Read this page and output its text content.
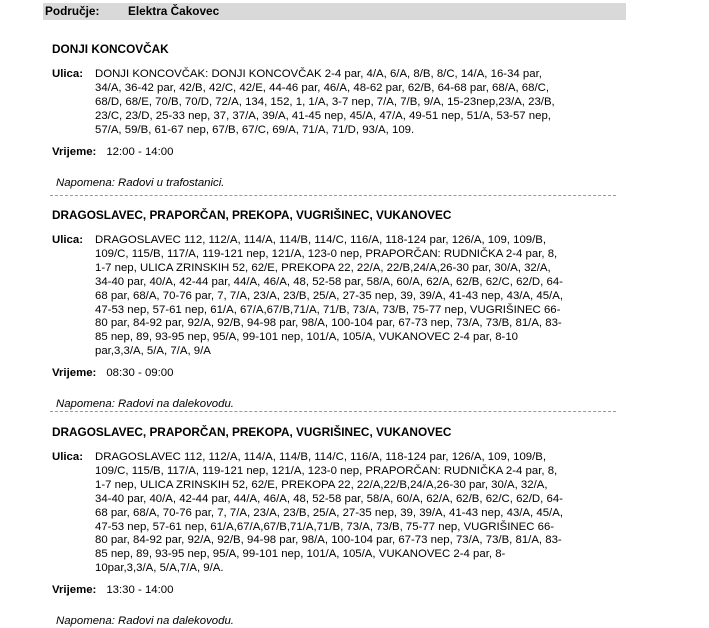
Područje: Elektra Čakovec
DONJI KONCOVČAK
Ulica: DONJI KONCOVČAK: DONJI KONCOVČAK 2-4 par, 4/A, 6/A, 8/B, 8/C, 14/A, 16-34 par,
34/A, 36-42 par, 42/B, 42/C, 42/E, 44-46 par, 46/A, 48-62 par, 62/B, 64-68 par, 68/A, 68/C,
68/D, 68/E, 70/B, 70/D, 72/A, 134, 152, 1, 1/A, 3-7 nep, 7/A, 7/B, 9/A, 15-23nep,23/A, 23/B,
23/C, 23/D, 25-33 nep, 37, 37/A, 39/A, 41-45 nep, 45/A, 47/A, 49-51 nep, 51/A, 53-57 nep,
57/A, 59/B, 61-67 nep, 67/B, 67/C, 69/A, 71/A, 71/D, 93/A, 109.
Vrijeme: 12:00 - 14:00
Napomena: Radovi u trafostanici.
DRAGOSLAVEC, PRAPORČAN, PREKOPA, VUGRIŠINEC, VUKANOVEC
Ulica: DRAGOSLAVEC 112, 112/A, 114/A, 114/B, 114/C, 116/A, 118-124 par, 126/A, 109, 109/B,
109/C, 115/B, 117/A, 119-121 nep, 121/A, 123-0 nep, PRAPORČAN: RUDNIČKA 2-4 par, 8,
1-7 nep, ULICA ZRINSKIH 52, 62/E, PREKOPA 22, 22/A, 22/B,24/A,26-30 par, 30/A, 32/A,
34-40 par, 40/A, 42-44 par, 44/A, 46/A, 48, 52-58 par, 58/A, 60/A, 62/A, 62/B, 62/C, 62/D, 64-
68 par, 68/A, 70-76 par, 7, 7/A, 23/A, 23/B, 25/A, 27-35 nep, 39, 39/A, 41-43 nep, 43/A, 45/A,
47-53 nep, 57-61 nep, 61/A, 67/A,67/B,71/A, 71/B, 73/A, 73/B, 75-77 nep, VUGRIŠINEC 66-
80 par, 84-92 par, 92/A, 92/B, 94-98 par, 98/A, 100-104 par, 67-73 nep, 73/A, 73/B, 81/A, 83-
85 nep, 89, 93-95 nep, 95/A, 99-101 nep, 101/A, 105/A, VUKANOVEC 2-4 par, 8-10
par,3,3/A, 5/A, 7/A, 9/A
Vrijeme: 08:30 - 09:00
Napomena: Radovi na dalekovodu.
DRAGOSLAVEC, PRAPORČAN, PREKOPA, VUGRIŠINEC, VUKANOVEC
Ulica: DRAGOSLAVEC 112, 112/A, 114/A, 114/B, 114/C, 116/A, 118-124 par, 126/A, 109, 109/B,
109/C, 115/B, 117/A, 119-121 nep, 121/A, 123-0 nep, PRAPORČAN: RUDNIČKA 2-4 par, 8,
1-7 nep, ULICA ZRINSKIH 52, 62/E, PREKOPA 22, 22/A,22/B,24/A,26-30 par, 30/A, 32/A,
34-40 par, 40/A, 42-44 par, 44/A, 46/A, 48, 52-58 par, 58/A, 60/A, 62/A, 62/B, 62/C, 62/D, 64-
68 par, 68/A, 70-76 par, 7, 7/A, 23/A, 23/B, 25/A, 27-35 nep, 39, 39/A, 41-43 nep, 43/A, 45/A,
47-53 nep, 57-61 nep, 61/A,67/A,67/B,71/A,71/B, 73/A, 73/B, 75-77 nep, VUGRIŠINEC 66-
80 par, 84-92 par, 92/A, 92/B, 94-98 par, 98/A, 100-104 par, 67-73 nep, 73/A, 73/B, 81/A, 83-
85 nep, 89, 93-95 nep, 95/A, 99-101 nep, 101/A, 105/A, VUKANOVEC 2-4 par, 8-
10par,3,3/A, 5/A,7/A, 9/A.
Vrijeme: 13:30 - 14:00
Napomena: Radovi na dalekovodu.
